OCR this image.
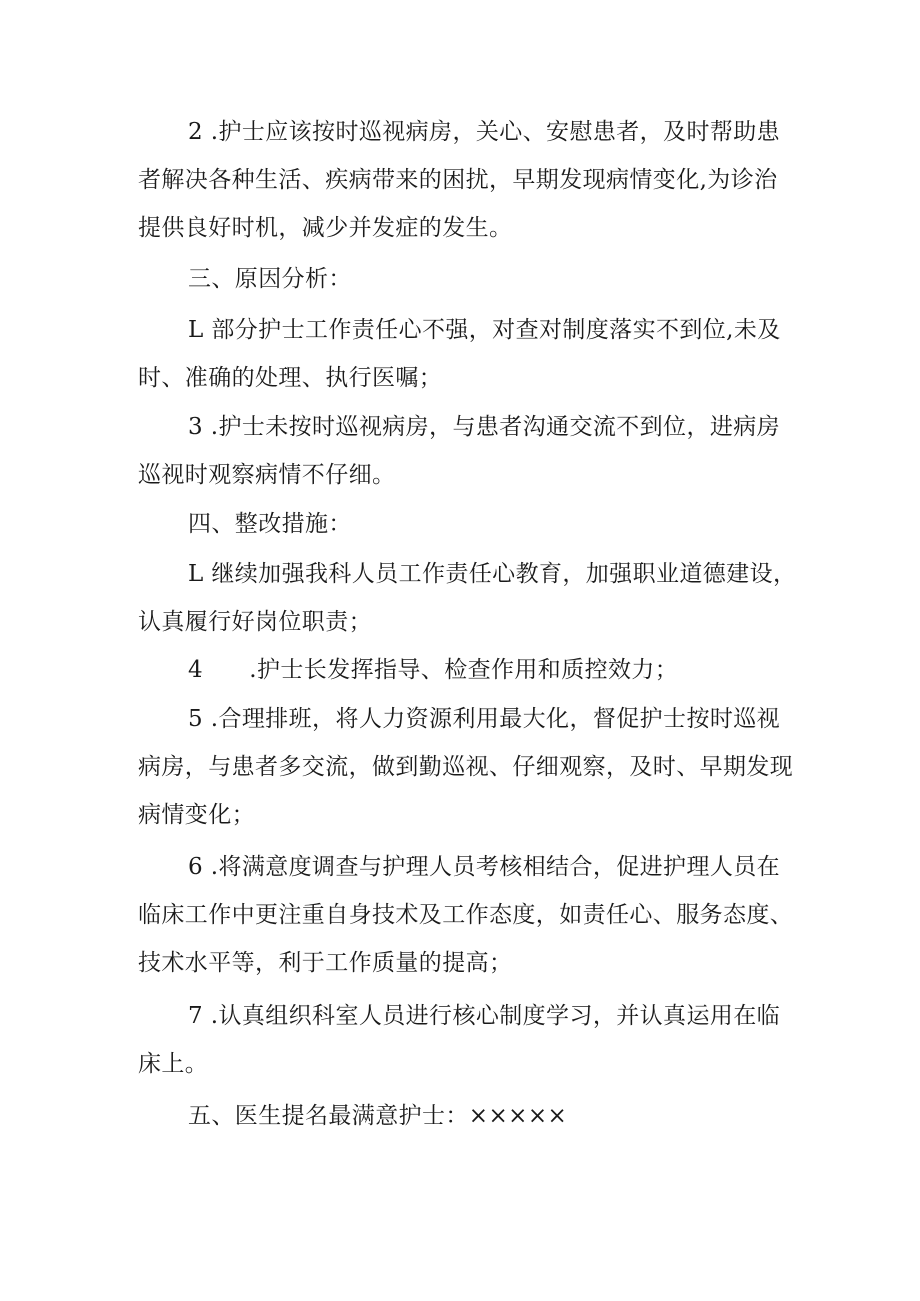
2 .护士应该按时巡视病房，关心、安慰患者，及时帮助患
者解决各种生活、疾病带来的困扰，早期发现病情变化,为诊治
提供良好时机，减少并发症的发生。

三、原因分析：

L 部分护士工作责任心不强，对查对制度落实不到位,未及
时、准确的处理、执行医嘱；

3 .护士未按时巡视病房，与患者沟通交流不到位，进病房
巡视时观察病情不仔细。

四、整改措施：

L 继续加强我科人员工作责任心教育，加强职业道德建设，
认真履行好岗位职责；

4      .护士长发挥指导、检查作用和质控效力；

5 .合理排班，将人力资源利用最大化，督促护士按时巡视
病房，与患者多交流，做到勤巡视、仔细观察，及时、早期发现
病情变化；

6 .将满意度调查与护理人员考核相结合，促进护理人员在
临床工作中更注重自身技术及工作态度，如责任心、服务态度、
技术水平等，利于工作质量的提高；

7 .认真组织科室人员进行核心制度学习，并认真运用在临
床上。

五、医生提名最满意护士：×××××
